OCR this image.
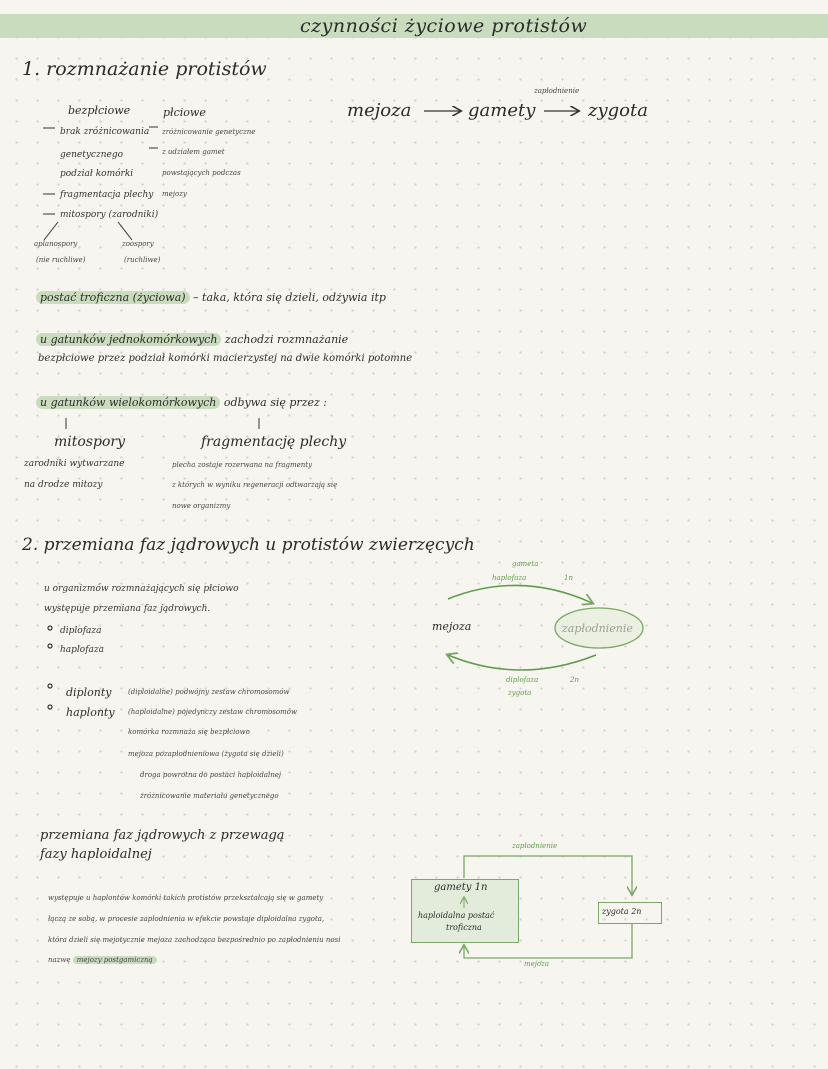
czynności życiowe protistów
1. rozmnażanie protistów
bezpłciowe	płciowe
brak zróżnicowania
genetycznego
podział komórki
fragmentacja plechy
mitospory (zarodniki)
zróżnicowanie genetyczne
z udziałem gamet
powstających podczas
mejozy
aplanospory
(nie ruchliwe)
zoospory
(ruchliwe)
mejoza	gamety	zygota
zapłodnienie
postać troficzna (życiowa) – taka, która się dzieli, odżywia itp
u gatunków jednokomórkowych zachodzi rozmnażanie
bezpłciowe przez podział komórki macierzystej na dwie komórki potomne
u gatunków wielokomórkowych odbywa się przez :
mitospory
zarodniki wytwarzane
na drodze mitozy
fragmentację plechy
plecha zostaje rozerwana na fragmenty
z których w wyniku regeneracji odtwarzają się
nowe organizmy
2. przemiana faz jądrowych u protistów zwierzęcych
u organizmów rozmnażających się płciowo
występuje przemiana faz jądrowych.
diplofaza
haplofaza
diplonty
haplonty
(diploidalne) podwójny zestaw chromosomów
(haploidalne) pojedynczy zestaw chromosomów
komórka rozmnaża się bezpłciowo
mejoza pozapłodnieniowa (zygota się dzieli)
droga powrotna do postaci haploidalnej
zróżnicowanie materiału genetycznego
gameta
haplofaza	1n
mejoza
diplofaza
zygota
2n
przemiana faz jądrowych z przewagą
fazy haploidalnej
występuje u haplontów komórki takich protistów przekształcają się w gamety
łączą ze sobą, w procesie zapłodnienia w efekcie powstaje diploidalna zygota,
która dzieli się mejotycznie mejoza zachodząca bezpośrednio po zapłodnieniu nosi
nazwę mejozy postgamiczną
zapłodnienie
gamety 1n
haploidalna postać
troficzna
zygota 2n
mejoza
